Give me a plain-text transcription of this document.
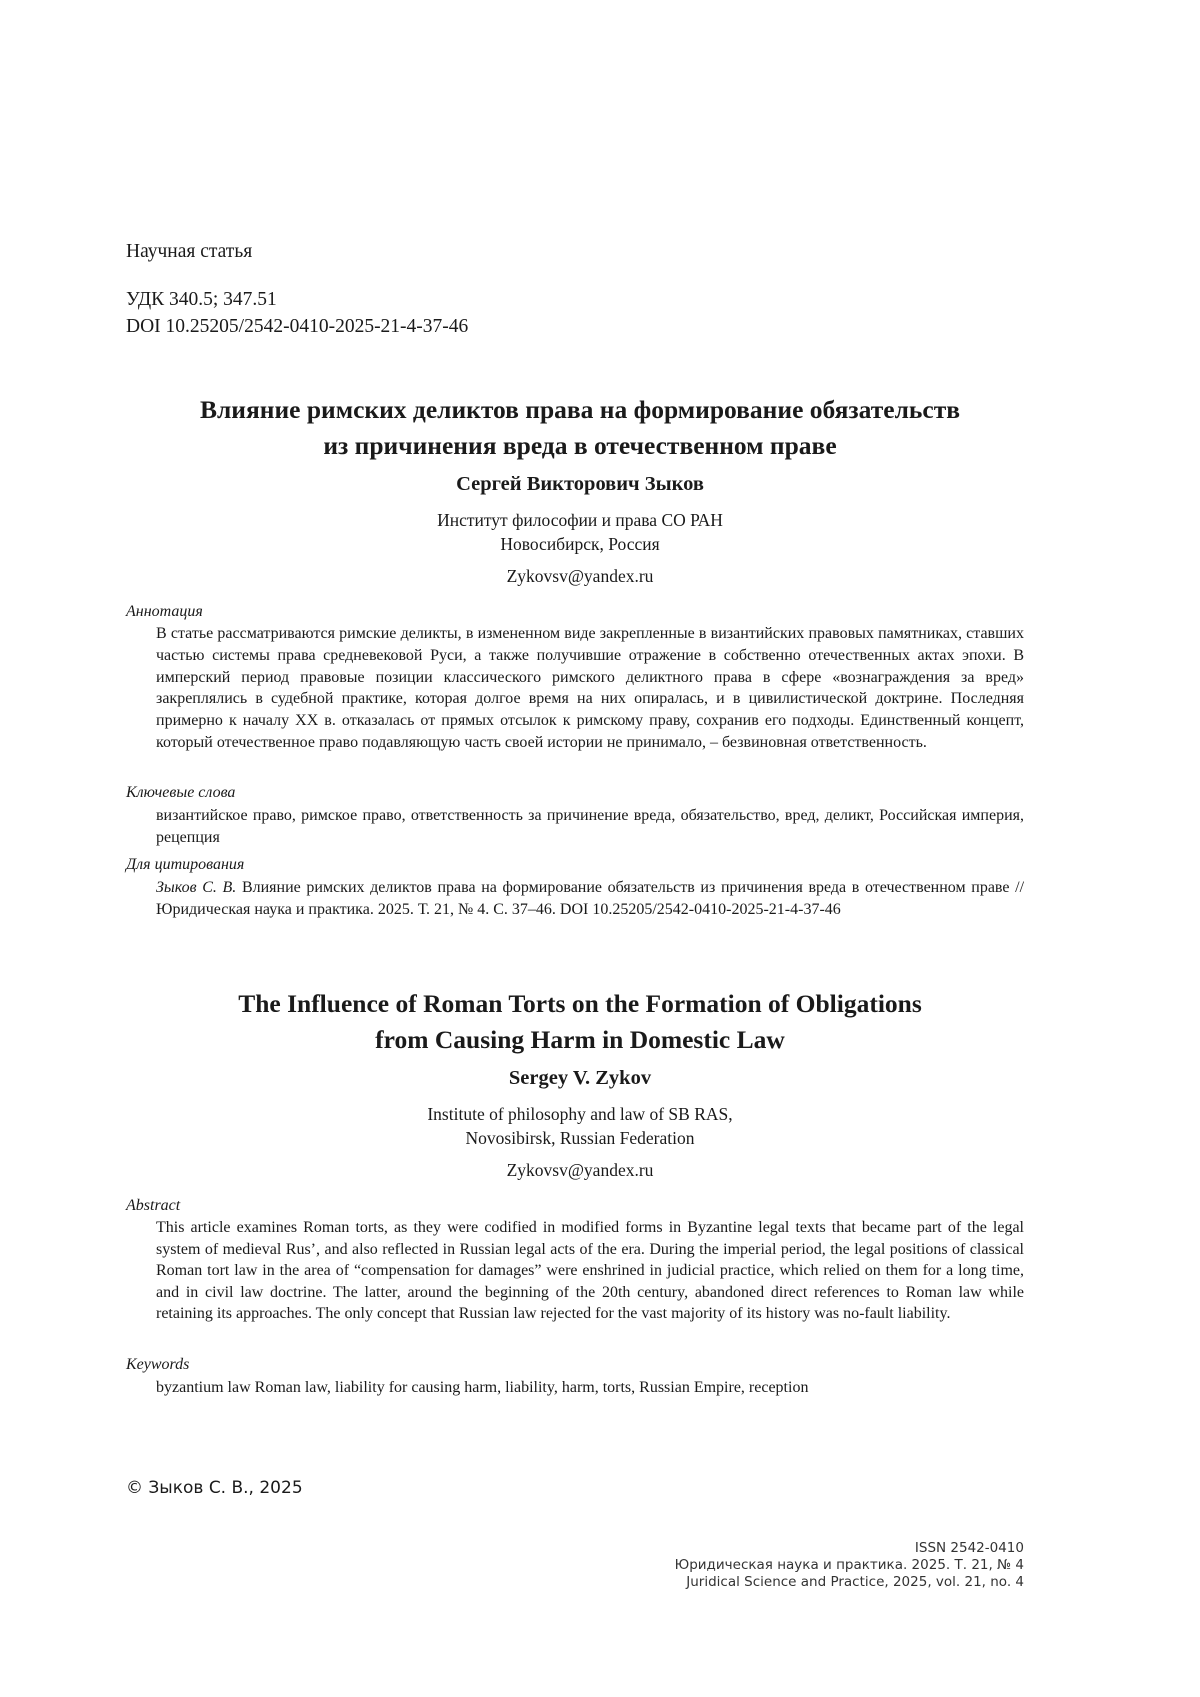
Научная статья
УДК 340.5; 347.51
DOI 10.25205/2542-0410-2025-21-4-37-46
Влияние римских деликтов права на формирование обязательств
из причинения вреда в отечественном праве
Сергей Викторович Зыков
Институт философии и права СО РАН
Новосибирск, Россия
Zykovsv@yandex.ru
Аннотация
В статье рассматриваются римские деликты, в измененном виде закрепленные в византийских правовых памятниках, ставших частью системы права средневековой Руси, а также получившие отражение в собственно отечественных актах эпохи. В имперский период правовые позиции классического римского деликтного права в сфере «вознаграждения за вред» закреплялись в судебной практике, которая долгое время на них опиралась, и в цивилистической доктрине. Последняя примерно к началу XX в. отказалась от прямых отсылок к римскому праву, сохранив его подходы. Единственный концепт, который отечественное право подавляющую часть своей истории не принимало, – безвиновная ответственность.
Ключевые слова
византийское право, римское право, ответственность за причинение вреда, обязательство, вред, деликт, Российская империя, рецепция
Для цитирования
Зыков С. В. Влияние римских деликтов права на формирование обязательств из причинения вреда в отечественном праве // Юридическая наука и практика. 2025. Т. 21, № 4. С. 37–46. DOI 10.25205/2542-0410-2025-21-4-37-46
The Influence of Roman Torts on the Formation of Obligations
from Causing Harm in Domestic Law
Sergey V. Zykov
Institute of philosophy and law of SB RAS,
Novosibirsk, Russian Federation
Zykovsv@yandex.ru
Abstract
This article examines Roman torts, as they were codified in modified forms in Byzantine legal texts that became part of the legal system of medieval Rus’, and also reflected in Russian legal acts of the era. During the imperial period, the legal positions of classical Roman tort law in the area of “compensation for damages” were enshrined in judicial practice, which relied on them for a long time, and in civil law doctrine. The latter, around the beginning of the 20th century, abandoned direct references to Roman law while retaining its approaches. The only concept that Russian law rejected for the vast majority of its history was no-fault liability.
Keywords
byzantium law Roman law, liability for causing harm, liability, harm, torts, Russian Empire, reception
© Зыков С. В., 2025
ISSN 2542-0410
Юридическая наука и практика. 2025. Т. 21, № 4
Juridical Science and Practice, 2025, vol. 21, no. 4
